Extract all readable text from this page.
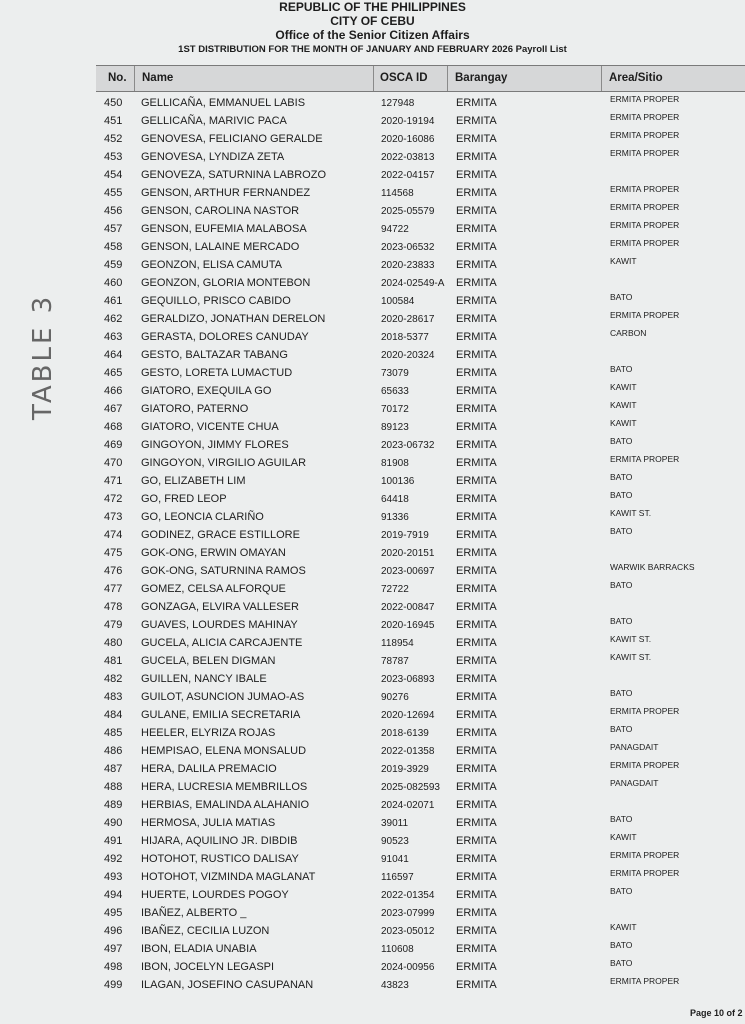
REPUBLIC OF THE PHILIPPINES
CITY OF CEBU
Office of the Senior Citizen Affairs
1ST DISTRIBUTION FOR THE MONTH OF JANUARY AND FEBRUARY 2026 Payroll List
No. Name	OSCA ID Barangay	Area/Sitio
450 GELLICAÑA, EMMANUEL LABIS	127948	ERMITA	ERMITA PROPER
451 GELLICAÑA, MARIVIC PACA	2020-19194 ERMITA	ERMITA PROPER
452 GENOVESA, FELICIANO GERALDE	2020-16086 ERMITA	ERMITA PROPER
453 GENOVESA, LYNDIZA ZETA	2022-03813 ERMITA	ERMITA PROPER
454 GENOVEZA, SATURNINA LABROZO	2022-04157 ERMITA
455 GENSON, ARTHUR FERNANDEZ	114568	ERMITA	ERMITA PROPER
456 GENSON, CAROLINA NASTOR	2025-05579 ERMITA	ERMITA PROPER
457 GENSON, EUFEMIA MALABOSA	94722	ERMITA	ERMITA PROPER
458 GENSON, LALAINE MERCADO	2023-06532 ERMITA	ERMITA PROPER
459 GEONZON, ELISA CAMUTA	2020-23833 ERMITA	KAWIT
460 GEONZON, GLORIA MONTEBON	2024-02549-A ERMITA
461 GEQUILLO, PRISCO CABIDO	100584	ERMITA	BATO
462 GERALDIZO, JONATHAN DERELON	2020-28617 ERMITA	ERMITA PROPER
463 GERASTA, DOLORES CANUDAY	2018-5377 ERMITA	CARBON
464 GESTO, BALTAZAR TABANG	2020-20324 ERMITA
465 GESTO, LORETA LUMACTUD	73079	ERMITA	BATO
466 GIATORO, EXEQUILA GO	65633	ERMITA	KAWIT
467 GIATORO, PATERNO	70172	ERMITA	KAWIT
468 GIATORO, VICENTE CHUA	89123	ERMITA	KAWIT
469 GINGOYON, JIMMY FLORES	2023-06732 ERMITA	BATO
470 GINGOYON, VIRGILIO AGUILAR	81908	ERMITA	ERMITA PROPER
471 GO, ELIZABETH LIM	100136	ERMITA	BATO
472 GO, FRED LEOP	64418	ERMITA	BATO
473 GO, LEONCIA CLARIÑO	91336	ERMITA	KAWIT ST.
474 GODINEZ, GRACE ESTILLORE	2019-7919 ERMITA	BATO
475 GOK-ONG, ERWIN OMAYAN	2020-20151 ERMITA
476 GOK-ONG, SATURNINA RAMOS	2023-00697 ERMITA	WARWIK BARRACKS
477 GOMEZ, CELSA ALFORQUE	72722	ERMITA	BATO
478 GONZAGA, ELVIRA VALLESER	2022-00847 ERMITA
479 GUAVES, LOURDES MAHINAY	2020-16945 ERMITA	BATO
480 GUCELA, ALICIA CARCAJENTE	118954	ERMITA	KAWIT ST.
481 GUCELA, BELEN DIGMAN	78787	ERMITA	KAWIT ST.
482 GUILLEN, NANCY IBALE	2023-06893 ERMITA
483 GUILOT, ASUNCION JUMAO-AS	90276	ERMITA	BATO
484 GULANE, EMILIA SECRETARIA	2020-12694 ERMITA	ERMITA PROPER
485 HEELER, ELYRIZA ROJAS	2018-6139 ERMITA	BATO
486 HEMPISAO, ELENA MONSALUD	2022-01358 ERMITA	PANAGDAIT
487 HERA, DALILA PREMACIO	2019-3929 ERMITA	ERMITA PROPER
488 HERA, LUCRESIA MEMBRILLOS	2025-082593 ERMITA	PANAGDAIT
489 HERBIAS, EMALINDA ALAHANIO	2024-02071 ERMITA
490 HERMOSA, JULIA MATIAS	39011	ERMITA	BATO
491 HIJARA, AQUILINO JR. DIBDIB	90523	ERMITA	KAWIT
492 HOTOHOT, RUSTICO DALISAY	91041	ERMITA	ERMITA PROPER
493 HOTOHOT, VIZMINDA MAGLANAT	116597	ERMITA	ERMITA PROPER
494 HUERTE, LOURDES POGOY	2022-01354 ERMITA	BATO
495 IBAÑEZ, ALBERTO _	2023-07999 ERMITA
496 IBAÑEZ, CECILIA LUZON	2023-05012 ERMITA	KAWIT
497 IBON, ELADIA UNABIA	110608	ERMITA	BATO
498 IBON, JOCELYN LEGASPI	2024-00956 ERMITA	BATO
499 ILAGAN, JOSEFINO CASUPANAN	43823	ERMITA	ERMITA PROPER
TABLE 3
Page 10 of 2
